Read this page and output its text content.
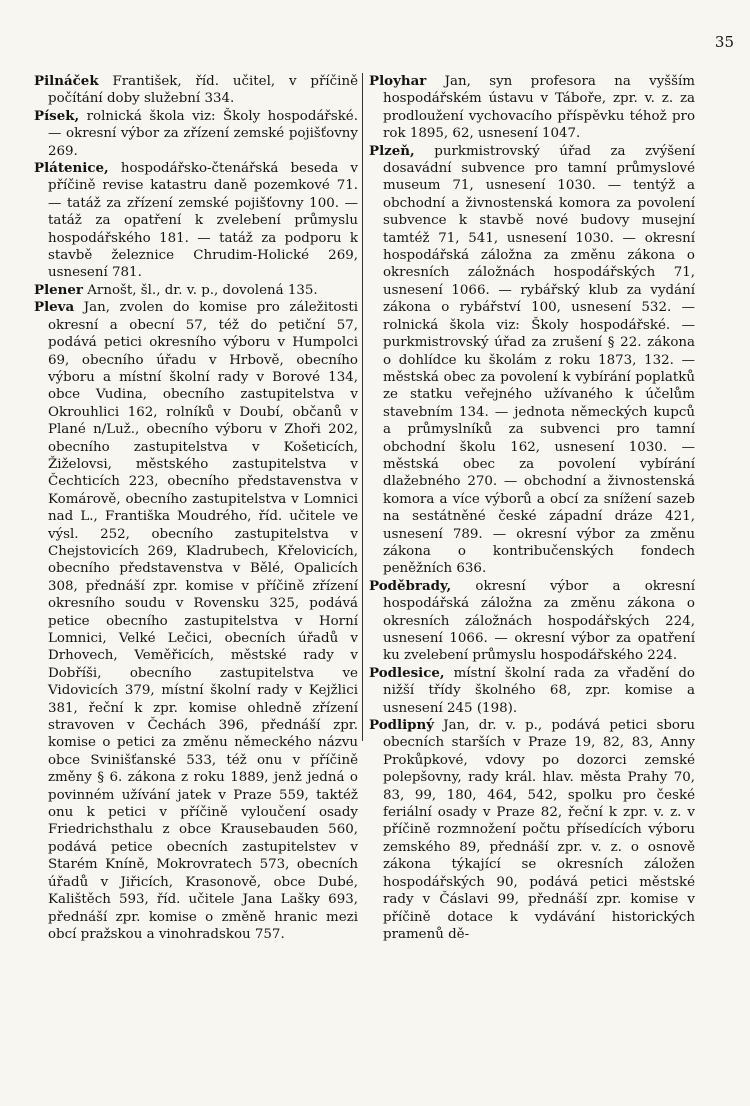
35

Pilnáček František, říd. učitel, v příčině počítání doby služební 334.

Písek, rolnická škola viz: Školy hospodářské. — okresní výbor za zřízení zemské pojišťovny 269.

Plátenice, hospodářsko-čtenářská beseda v příčině revise katastru daně pozemkové 71. — tatáž za zřízení zemské pojišťovny 100. — tatáž za opatření k zvelebení průmyslu hospodářského 181. — tatáž za podporu k stavbě železnice Chrudim-Holické 269, usnesení 781.

Plener Arnošt, šl., dr. v. p., dovolená 135.

Pleva Jan, zvolen do komise pro záležitosti okresní a obecní 57, též do petiční 57, podává petici okresního výboru v Humpolci 69, obecního úřadu v Hrbově, obecního výboru a místní školní rady v Borové 134, obce Vudina, obecního zastupitelstva v Okrouhlici 162, rolníků v Doubí, občanů v Plané n/Luž., obecního výboru v Zhoři 202, obecního zastupitelstva v Košeticích, Žiželovsi, městského zastupitelstva v Čechticích 223, obecního představenstva v Komárově, obecního zastupitelstva v Lomnici nad L., Františka Moudrého, říd. učitele ve výsl. 252, obecního zastupitelstva v Chejstovicích 269, Kladrubech, Křelovicích, obecního představenstva v Bělé, Opalicích 308, přednáší zpr. komise v příčině zřízení okresního soudu v Rovensku 325, podává petice obecního zastupitelstva v Horní Lomnici, Velké Lečici, obecních úřadů v Drhovech, Veměřicích, městské rady v Dobříši, obecního zastupitelstva ve Vidovicích 379, místní školní rady v Kejžlici 381, řeční k zpr. komise ohledně zřízení stravoven v Čechách 396, přednáší zpr. komise o petici za změnu německého názvu obce Svinišťanské 533, též onu v příčině změny § 6. zákona z roku 1889, jenž jedná o povinném užívání jatek v Praze 559, taktéž onu k petici v příčině vyloučení osady Friedrichsthalu z obce Krausebauden 560, podává petice obecních zastupitelstev v Starém Kníně, Mokrovratech 573, obecních úřadů v Jiřicích, Krasonově, obce Dubé, Kalištěch 593, říd. učitele Jana Lašky 693, přednáší zpr. komise o změně hranic mezi obcí pražskou a vinohradskou 757.

Ployhar Jan, syn profesora na vyšším hospodářském ústavu v Táboře, zpr. v. z. za prodloužení vychovacího příspěvku téhož pro rok 1895, 62, usnesení 1047.

Plzeň, purkmistrovský úřad za zvýšení dosavádní subvence pro tamní průmyslové museum 71, usnesení 1030. — tentýž a obchodní a živnostenská komora za povolení subvence k stavbě nové budovy musejní tamtéž 71, 541, usnesení 1030. — okresní hospodářská záložna za změnu zákona o okresních záložnách hospodářských 71, usnesení 1066. — rybářský klub za vydání zákona o rybářství 100, usnesení 532. — rolnická škola viz: Školy hospodářské. — purkmistrovský úřad za zrušení § 22. zákona o dohlídce ku školám z roku 1873, 132. — městská obec za povolení k vybírání poplatků ze statku veřejného užívaného k účelům stavebním 134. — jednota německých kupců a průmyslníků za subvenci pro tamní obchodní školu 162, usnesení 1030. — městská obec za povolení vybírání dlažebného 270. — obchodní a živnostenská komora a více výborů a obcí za snížení sazeb na sestátněné české západní dráze 421, usnesení 789. — okresní výbor za změnu zákona o kontribučenských fondech peněžních 636.

Poděbrady, okresní výbor a okresní hospodářská záložna za změnu zákona o okresních záložnách hospodářských 224, usnesení 1066. — okresní výbor za opatření ku zvelebení průmyslu hospodářského 224.

Podlesice, místní školní rada za vřadění do nižší třídy školného 68, zpr. komise a usnesení 245 (198).

Podlipný Jan, dr. v. p., podává petici sboru obecních starších v Praze 19, 82, 83, Anny Prokůpkové, vdovy po dozorci zemské polepšovny, rady král. hlav. města Prahy 70, 83, 99, 180, 464, 542, spolku pro české feriální osady v Praze 82, řeční k zpr. v. z. v příčině rozmnožení počtu přísedících výboru zemského 89, přednáší zpr. v. z. o osnově zákona týkající se okresních záložen hospodářských 90, podává petici městské rady v Čáslavi 99, přednáší zpr. komise v příčině dotace k vydávání historických pramenů dě-
